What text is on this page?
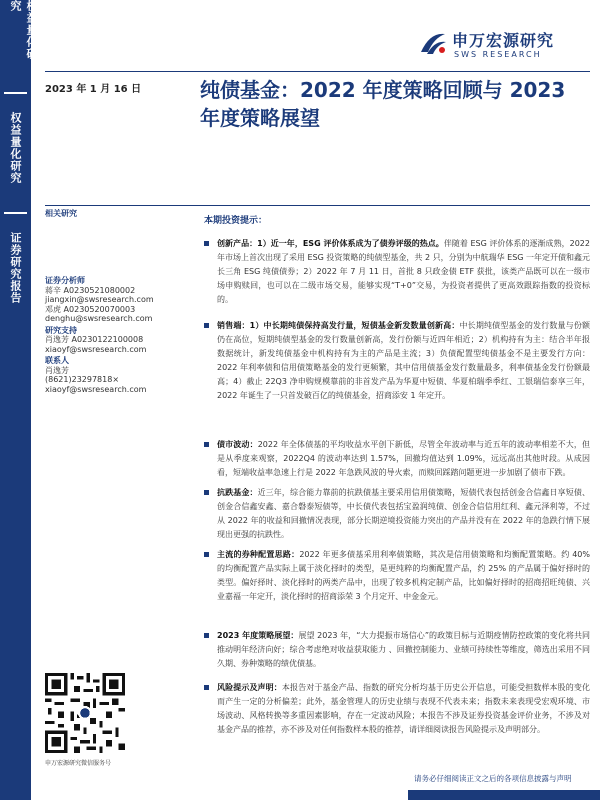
权益量化研究
权益量化研究
证券研究报告
申万宏源研究
SWS RESEARCH
2023 年 1 月 16 日	纯债基金：2022 年度策略回顾与 2023 年度策略展望
相关研究
证券分析师
蒋辛 A0230521080002
jiangxin@swsresearch.com
邓虎 A0230520070003
denghu@swsresearch.com
研究支持
肖逸芳 A0230122100008
xiaoyf@swsresearch.com
联系人
肖逸芳
(8621)23297818×
xiaoyf@swsresearch.com
本期投资提示：
创新产品：1）近一年，ESG 评价体系成为了债券评级的热点。伴随着 ESG 评价体系的逐渐成熟，2022 年市场上首次出现了采用 ESG 投资策略的纯债型基金，共 2 只，分别为中航瑞华 ESG 一年定开债和鑫元长三角 ESG 纯债债券；2）2022 年 7 月 11 日，首批 8 只政金债 ETF 获批，该类产品既可以在一级市场申购赎回，也可以在二级市场交易，能够实现“T+0”交易，为投资者提供了更高效跟踪指数的投资标的。
销售端：1）中长期纯债保持高发行量，短债基金新发数量创新高：中长期纯债型基金的发行数量与份额仍在高位，短期纯债型基金的发行数量创新高，发行份额与近四年相近；2）机构持有为主：结合半年报数据统计，新发纯债基金中机构持有为主的产品是主流；3）负债配置型纯债基金不是主要发行方向：2022 年利率债和信用债策略基金的发行更频繁，其中信用债基金发行数量最多，利率债基金发行份额最高；4）截止 22Q3 净申购规模靠前的非首发产品为华夏中短债、华夏柏瑞季季红、工银瑞信泰享三年，2022 年诞生了一只首发破百亿的纯债基金，招商添安 1 年定开。
债市波动：2022 年全体债基的平均收益水平创下新低，尽管全年波动率与近五年的波动率相差不大，但是从季度来观察，2022Q4 的波动率达到 1.57%，回撤均值达到 1.09%，远远高出其他时段。从成因看，短端收益率急速上行是 2022 年急跌风波的导火索，而赎回踩踏问题更进一步加剧了债市下跌。
抗跌基金：近三年，综合能力靠前的抗跌债基主要采用信用债策略，短债代表包括创金合信鑫日享短债、创金合信鑫安鑫、嘉合磐泰短债等，中长债代表包括宝盈润纯债、创金合信信用红利、鑫元泽利等，不过从 2022 年的收益和回撤情况表现，部分长期逆境投资能力突出的产品并没有在 2022 年的急跌行情下展现出更强的抗跌性。
主流的券种配置思路：2022 年更多债基采用利率债策略，其次是信用债策略和均衡配置策略。约 40% 的均衡配置产品实际上属于淡化择时的类型，是更纯粹的均衡配置产品，约 25% 的产品属于偏好择时的类型。偏好择时、淡化择时的两类产品中，出现了较多机构定制产品，比如偏好择时的招商招旺纯债、兴业嘉福一年定开，淡化择时的招商添荣 3 个月定开、中金金元。
2023 年度策略展望：展望 2023 年，“大力提振市场信心”的政策目标与近期疫情防控政策的变化将共同推动明年经济向好；综合考虑绝对收益获取能力 、回撤控制能力、业绩可持续性等维度，筛选出采用不同久期、券种策略的绩优债基。
风险提示及声明：本报告对于基金产品、指数的研究分析均基于历史公开信息，可能受担数样本股的变化而产生一定的分析偏差；此外，基金管理人的历史业绩与表现不代表未来；指数未来表现受宏观环境、市场波动、风格转换等多重因素影响，存在一定波动风险；本报告不涉及证券投资基金评价业务，不涉及对基金产品的推荐，亦不涉及对任何指数样本股的推荐，请详细阅读报告风险提示及声明部分。
申万宏源研究微信服务号
请务必仔细阅读正文之后的各项信息披露与声明
